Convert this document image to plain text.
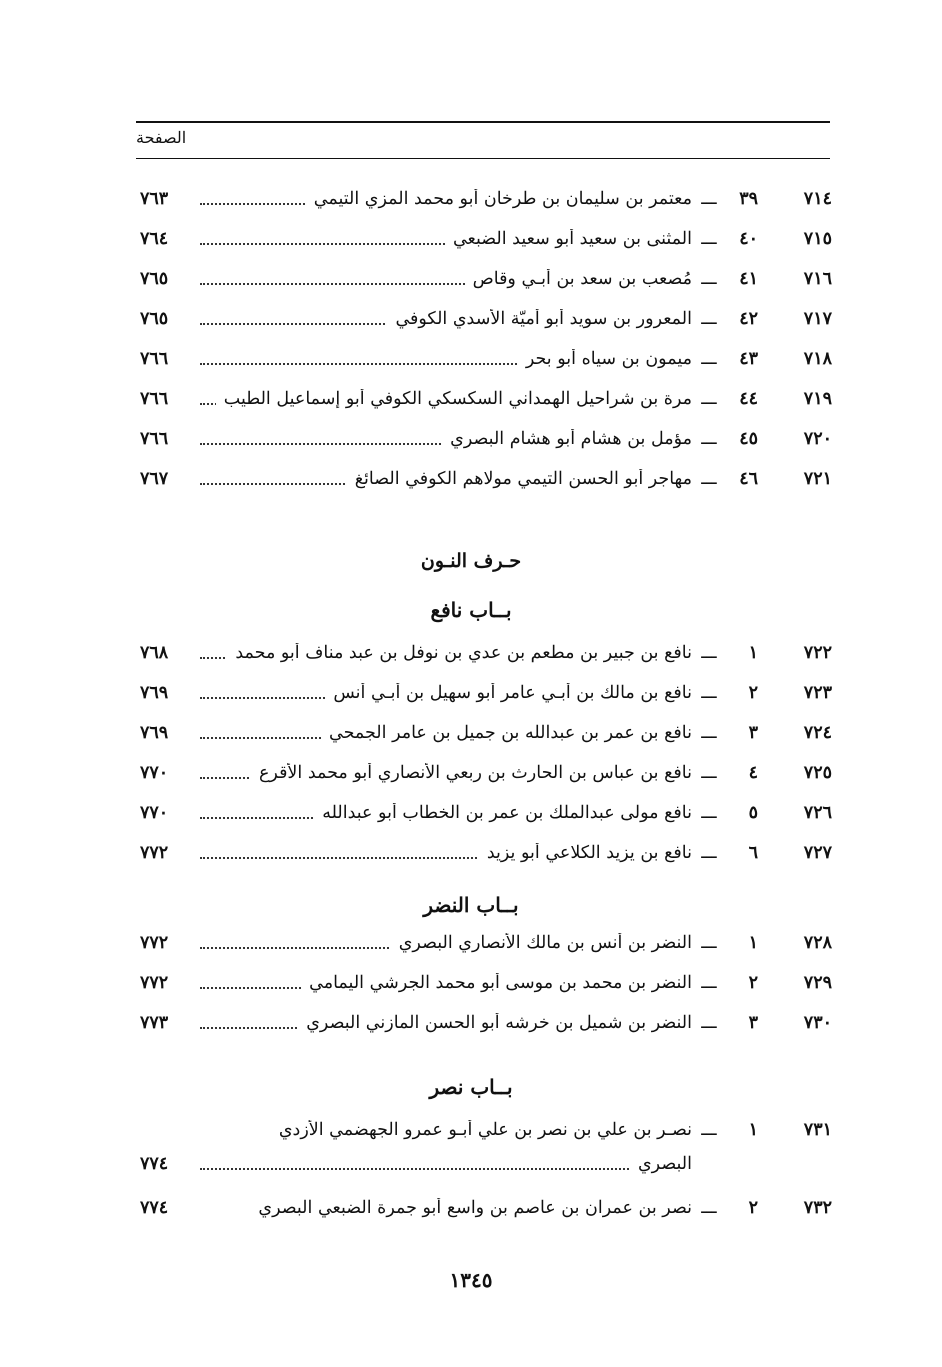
الصفحة
٧١٤
٣٩
ـــ
معتمر بن سليمان بن طرخان أبو محمد المزي التيمي
٧٦٣
٧١٥
٤٠
ـــ
المثنى بن سعيد أبو سعيد الضبعي
٧٦٤
٧١٦
٤١
ـــ
مُصعب بن سعد بن أبـي وقاص
٧٦٥
٧١٧
٤٢
ـــ
المعرور بن سويد أبو أميّة الأسدي الكوفي
٧٦٥
٧١٨
٤٣
ـــ
ميمون بن سياه أبو بحر
٧٦٦
٧١٩
٤٤
ـــ
مرة بن شراحيل الهمداني السكسكي الكوفي أبو إسماعيل الطيب
٧٦٦
٧٢٠
٤٥
ـــ
مؤمل بن هشام أبو هشام البصري
٧٦٦
٧٢١
٤٦
ـــ
مهاجر أبو الحسن التيمي مولاهم الكوفي الصائغ
٧٦٧
حـرف النـون
بــاب نافع
٧٢٢
١
ـــ
نافع بن جبير بن مطعم بن عدي بن نوفل بن عبد مناف أبو محمد
٧٦٨
٧٢٣
٢
ـــ
نافع بن مالك بن أبـي عامر أبو سهيل بن أبـي أنس
٧٦٩
٧٢٤
٣
ـــ
نافع بن عمر بن عبدالله بن جميل بن عامر الجمحي
٧٦٩
٧٢٥
٤
ـــ
نافع بن عباس بن الحارث بن ربعي الأنصاري أبو محمد الأقرع
٧٧٠
٧٢٦
٥
ـــ
نافع مولى عبدالملك بن عمر بن الخطاب أبو عبدالله
٧٧٠
٧٢٧
٦
ـــ
نافع بن يزيد الكلاعي أبو يزيد
٧٧٢
بــاب النضر
٧٢٨
١
ـــ
النضر بن أنس بن مالك الأنصاري البصري
٧٧٢
٧٢٩
٢
ـــ
النضر بن محمد بن موسى أبو محمد الجرشي اليمامي
٧٧٢
٧٣٠
٣
ـــ
النضر بن شميل بن خرشه أبو الحسن المازني البصري
٧٧٣
بــاب نصر
٧٣١
١
ـــ
نصـر بن علي بن نصر بن علي أبـو عمرو الجهضمي الأزدي
البصري
٧٧٤
٧٣٢
٢
ـــ
نصر بن عمران بن عاصم بن واسع أبو جمرة الضبعي البصري
٧٧٤
١٣٤٥
